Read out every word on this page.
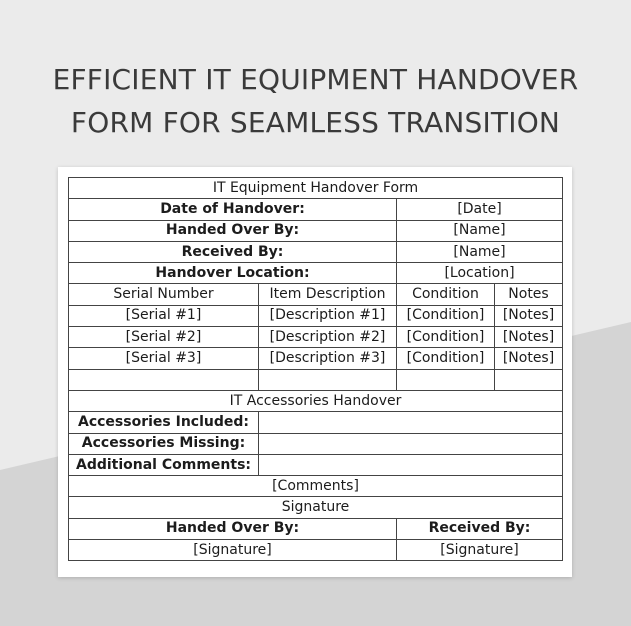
EFFICIENT IT EQUIPMENT HANDOVER
FORM FOR SEAMLESS TRANSITION
IT Equipment Handover Form			
Date of Handover:		[Date]	
Handed Over By:		[Name]	
Received By:		[Name]	
Handover Location:		[Location]	
Serial Number	Item Description	Condition	Notes
[Serial #1]	[Description #1]	[Condition]	[Notes]
[Serial #2]	[Description #2]	[Condition]	[Notes]
[Serial #3]	[Description #3]	[Condition]	[Notes]

IT Accessories Handover			
Accessories Included:			
Accessories Missing:			
Additional Comments:			
[Comments]			
Signature			
Handed Over By:		Received By:	
[Signature]		[Signature]	
